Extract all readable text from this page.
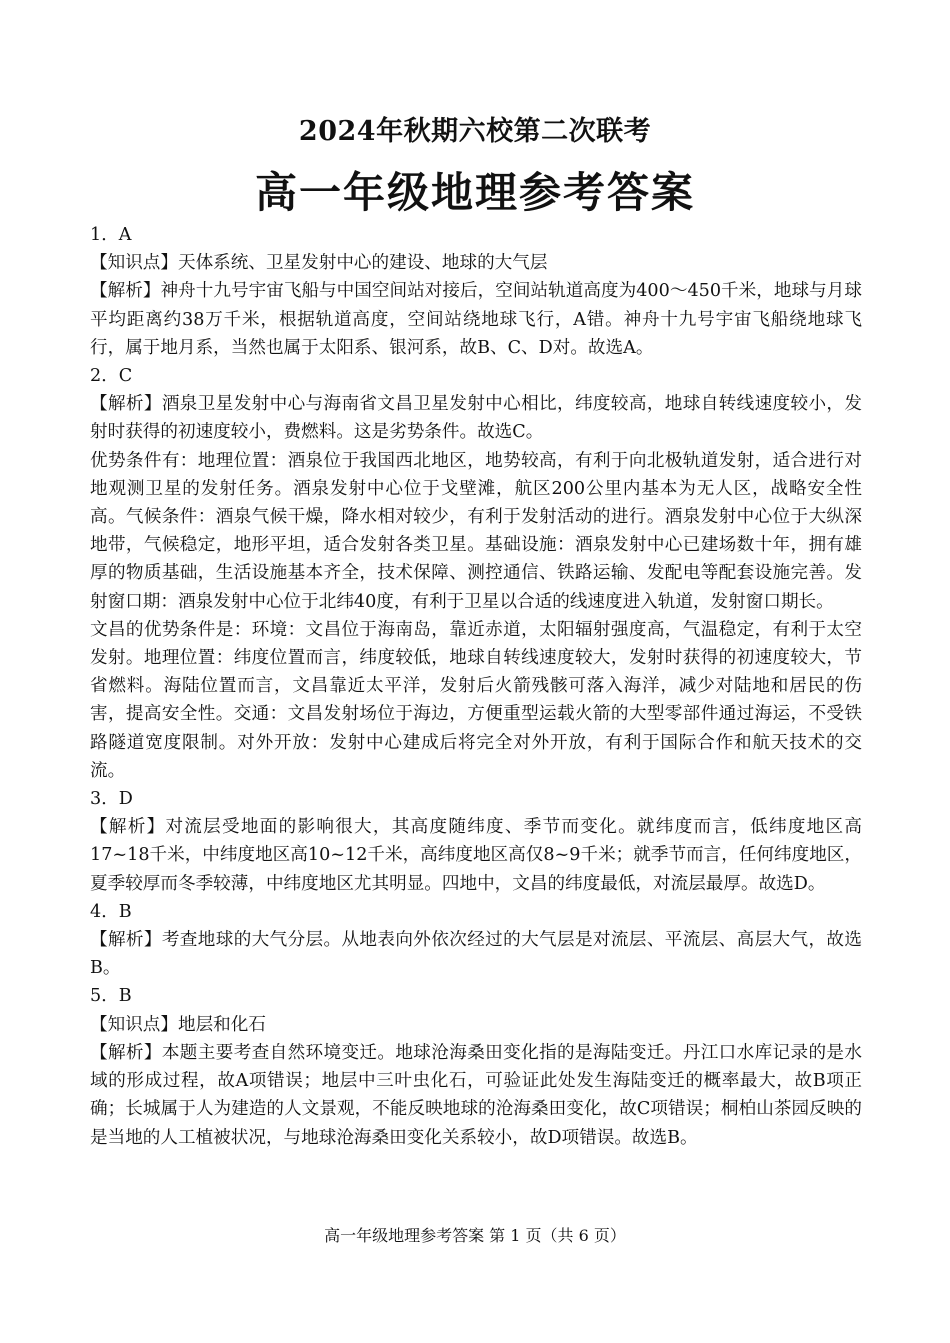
2024年秋期六校第二次联考
高一年级地理参考答案

1．A

【知识点】天体系统、卫星发射中心的建设、地球的大气层

【解析】神舟十九号宇宙飞船与中国空间站对接后，空间站轨道高度为400～450千米，地球与月球平均距离约38万千米，根据轨道高度，空间站绕地球飞行，A错。神舟十九号宇宙飞船绕地球飞行，属于地月系，当然也属于太阳系、银河系，故B、C、D对。故选A。

2．C

【解析】酒泉卫星发射中心与海南省文昌卫星发射中心相比，纬度较高，地球自转线速度较小，发射时获得的初速度较小，费燃料。这是劣势条件。故选C。

优势条件有：地理位置：酒泉位于我国西北地区，地势较高，有利于向北极轨道发射，适合进行对地观测卫星的发射任务。酒泉发射中心位于戈壁滩，航区200公里内基本为无人区，战略安全性高。气候条件：酒泉气候干燥，降水相对较少，有利于发射活动的进行。酒泉发射中心位于大纵深地带，气候稳定，地形平坦，适合发射各类卫星。基础设施：酒泉发射中心已建场数十年，拥有雄厚的物质基础，生活设施基本齐全，技术保障、测控通信、铁路运输、发配电等配套设施完善。发射窗口期：酒泉发射中心位于北纬40度，有利于卫星以合适的线速度进入轨道，发射窗口期长。

文昌的优势条件是：环境：文昌位于海南岛，靠近赤道，太阳辐射强度高，气温稳定，有利于太空发射。地理位置：纬度位置而言，纬度较低，地球自转线速度较大，发射时获得的初速度较大，节省燃料。海陆位置而言，文昌靠近太平洋，发射后火箭残骸可落入海洋，减少对陆地和居民的伤害，提高安全性。交通：文昌发射场位于海边，方便重型运载火箭的大型零部件通过海运，不受铁路隧道宽度限制。对外开放：发射中心建成后将完全对外开放，有利于国际合作和航天技术的交流。

3．D

【解析】对流层受地面的影响很大，其高度随纬度、季节而变化。就纬度而言，低纬度地区高17~18千米，中纬度地区高10~12千米，高纬度地区高仅8~9千米；就季节而言，任何纬度地区，夏季较厚而冬季较薄，中纬度地区尤其明显。四地中，文昌的纬度最低，对流层最厚。故选D。

4．B

【解析】考查地球的大气分层。从地表向外依次经过的大气层是对流层、平流层、高层大气，故选B。

5．B

【知识点】地层和化石

【解析】本题主要考查自然环境变迁。地球沧海桑田变化指的是海陆变迁。丹江口水库记录的是水域的形成过程，故A项错误；地层中三叶虫化石，可验证此处发生海陆变迁的概率最大，故B项正确；长城属于人为建造的人文景观，不能反映地球的沧海桑田变化，故C项错误；桐柏山茶园反映的是当地的人工植被状况，与地球沧海桑田变化关系较小，故D项错误。故选B。

高一年级地理参考答案 第 1 页（共 6 页）
